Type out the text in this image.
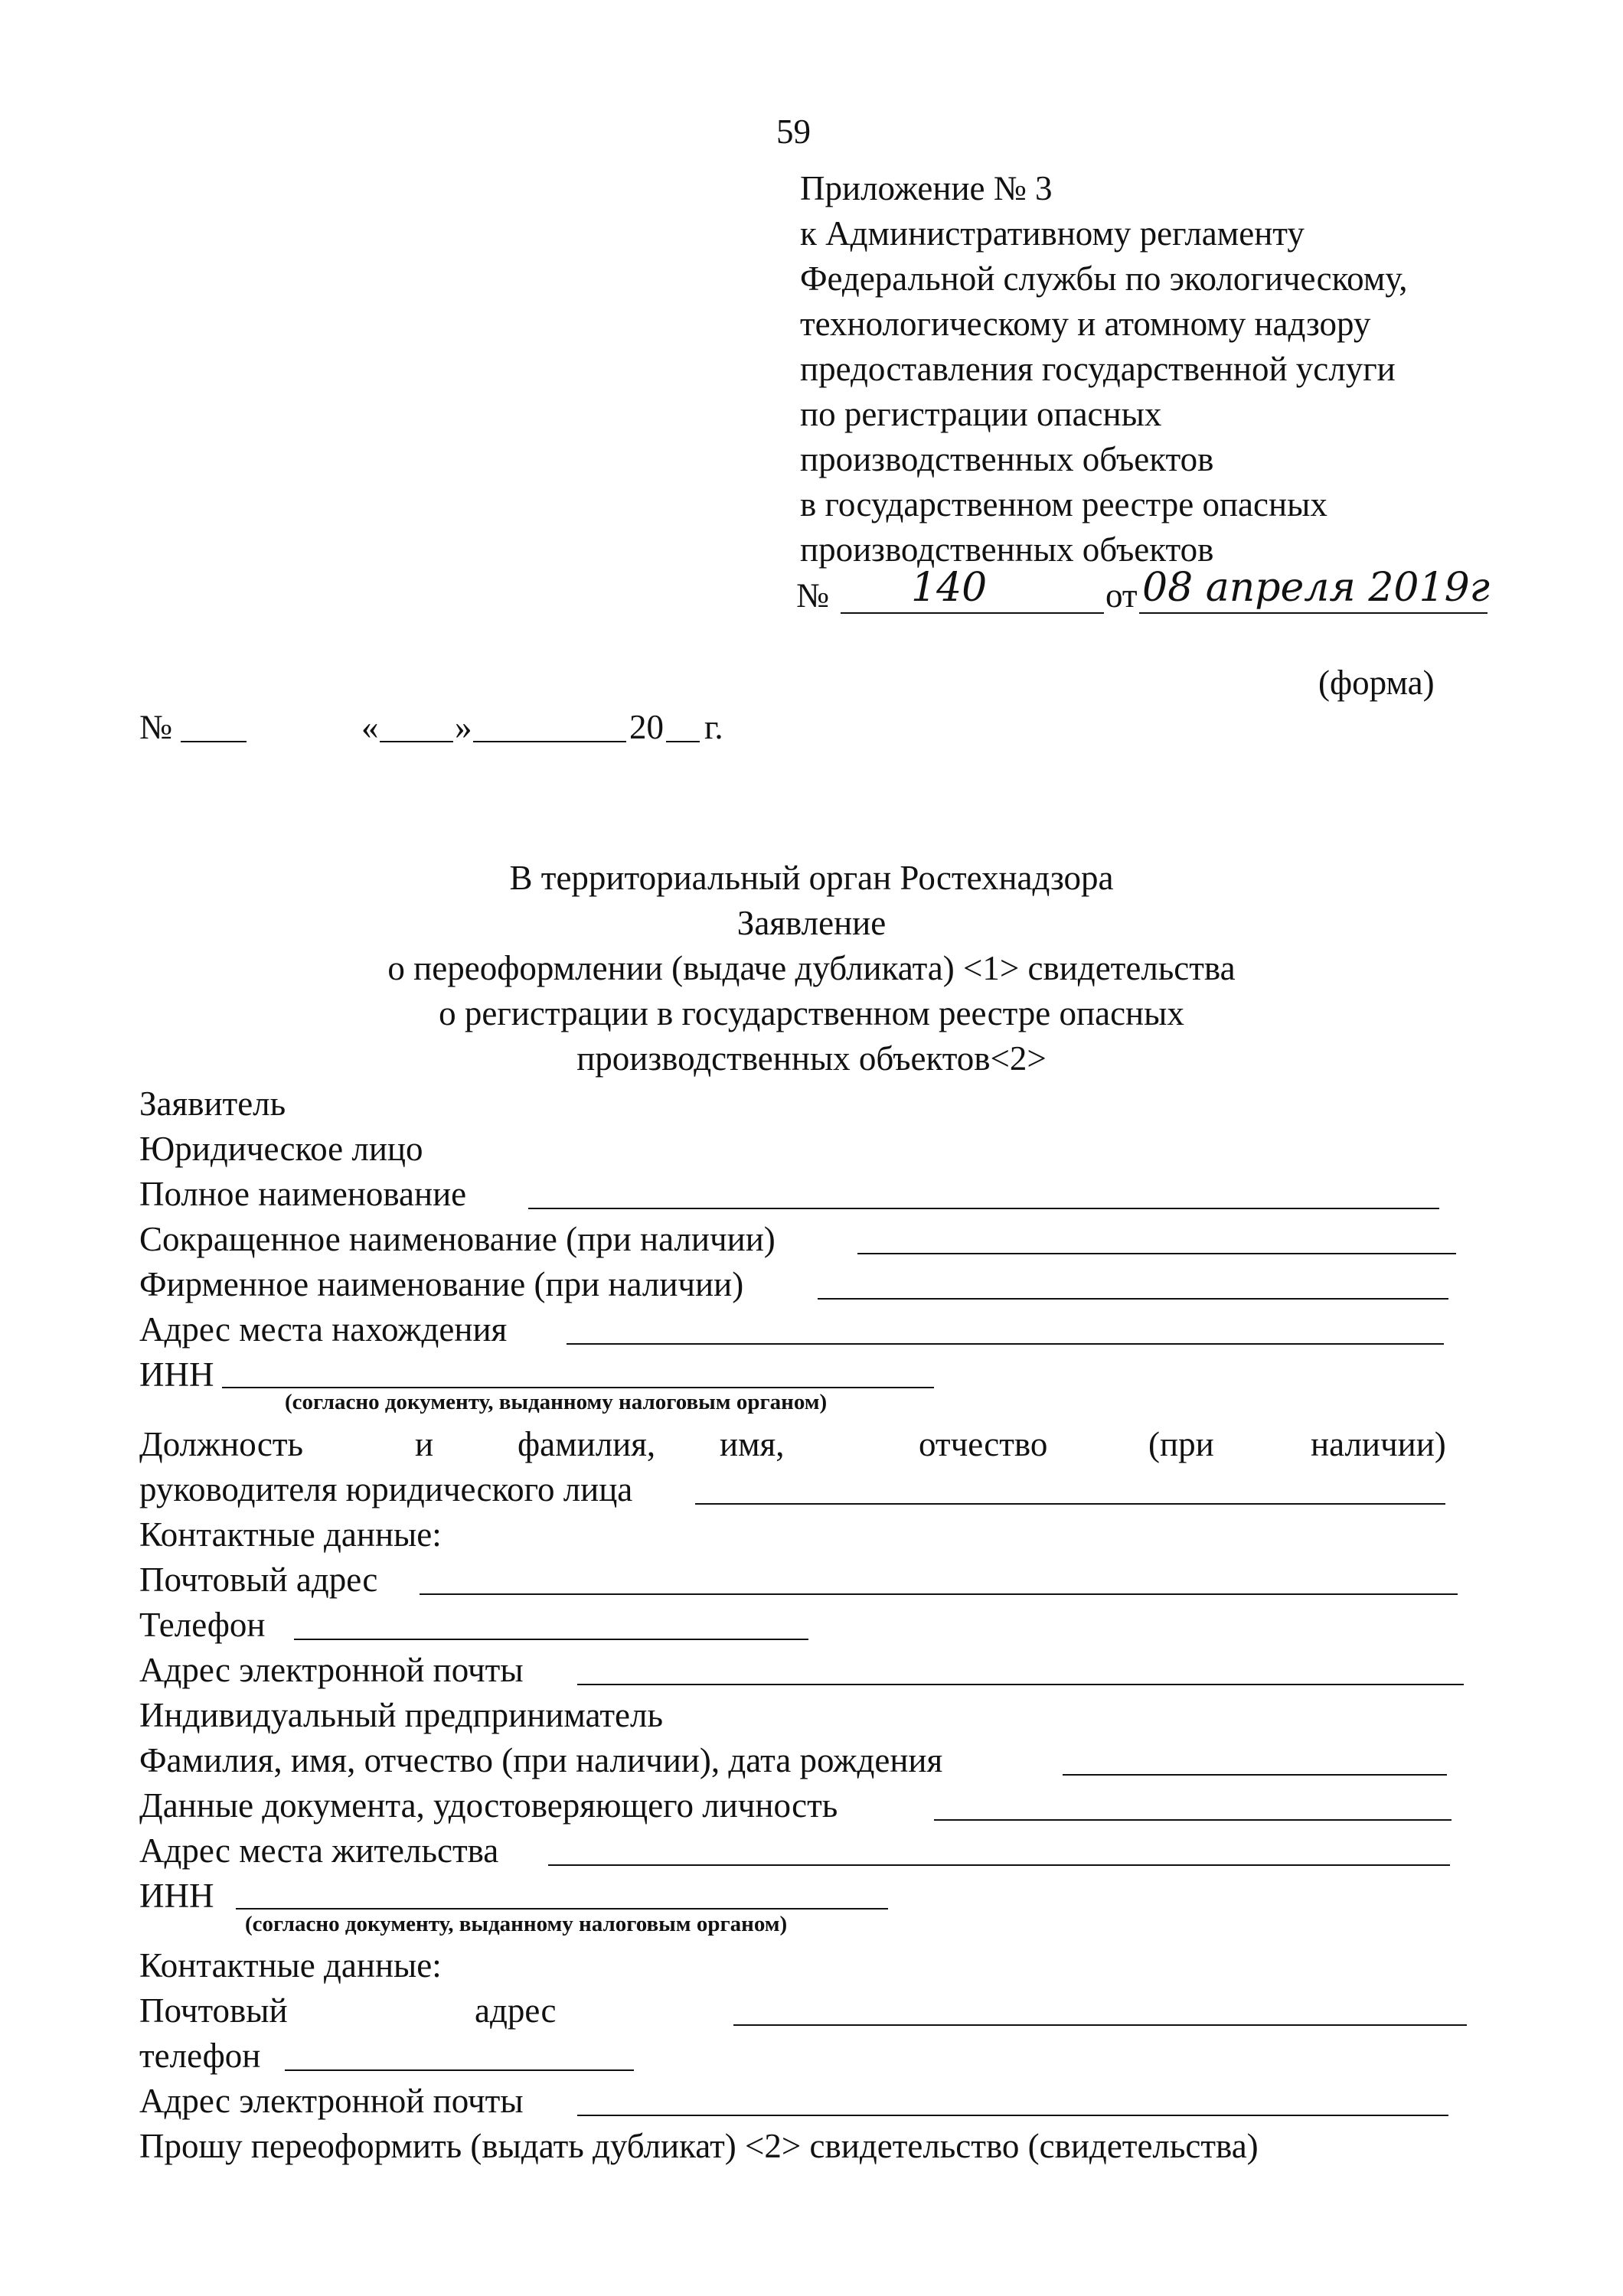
59
Приложение № 3
к Административному регламенту
Федеральной службы по экологическому,
технологическому и атомному надзору
предоставления государственной услуги
по регистрации опасных
производственных объектов
в государственном реестре опасных
производственных объектов
№ 140	от 08 апреля 2019г
(форма)
№	« »	20 г.
В территориальный орган Ростехнадзора
Заявление
о переоформлении (выдаче дубликата) <1> свидетельства
о регистрации в государственном реестре опасных
производственных объектов<2>
Заявитель
Юридическое лицо
Полное наименование
Сокращенное наименование (при наличии)
Фирменное наименование (при наличии)
Адрес места нахождения
ИНН
(согласно документу, выданному налоговым органом)
Должность	и фамилия, имя,	отчество	(при	наличии)
руководителя юридического лица
Контактные данные:
Почтовый адрес
Телефон
Адрес электронной почты
Индивидуальный предприниматель
Фамилия, имя, отчество (при наличии), дата рождения
Данные документа, удостоверяющего личность
Адрес места жительства
ИНН
(согласно документу, выданному налоговым органом)
Контактные данные:
Почтовый	адрес
телефон
Адрес электронной почты
Прошу переоформить (выдать дубликат) <2> свидетельство (свидетельства)
